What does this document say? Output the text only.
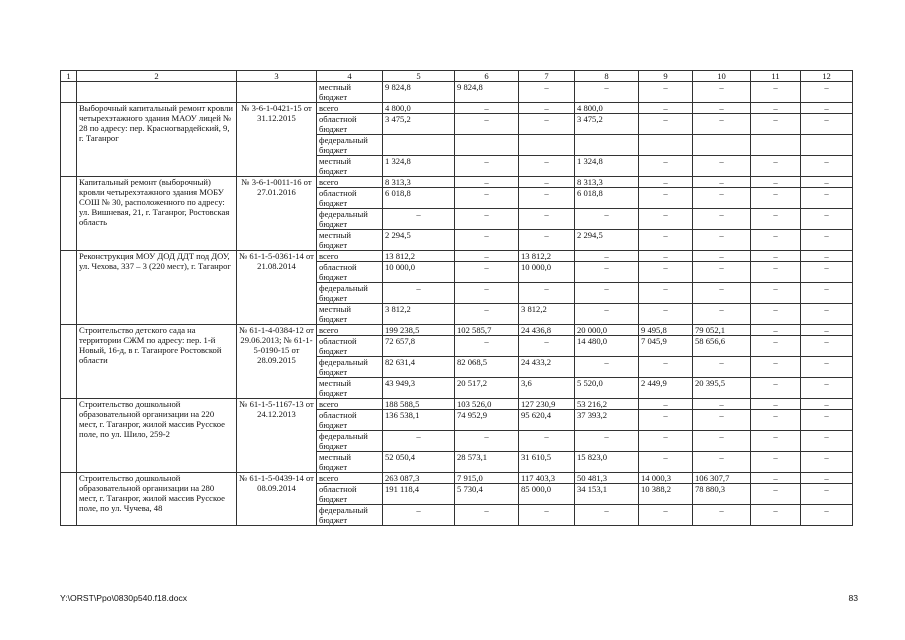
1	2	3	4	5	6	7	8	9	10	11	12
			местный бюджет	9 824,8	9 824,8	–	–	–	–	–	–
	Выборочный капитальный ремонт кровли четырехэтажного здания МАОУ лицей № 28 по адресу: пер. Красногвардейский, 9, г. Таганрог	№ 3-6-1-0421-15 от 31.12.2015	всего	4 800,0	–	–	4 800,0	–	–	–	–
			областной бюджет	3 475,2	–	–	3 475,2	–	–	–	–
			федеральный бюджет								
			местный бюджет	1 324,8	–	–	1 324,8	–	–	–	–
	Капитальный ремонт (выборочный) кровли четырехэтажного здания МОБУ СОШ № 30, расположенного по адресу: ул. Вишневая, 21, г. Таганрог, Ростовская область	№ 3-6-1-0011-16 от 27.01.2016	всего	8 313,3	–	–	8 313,3	–	–	–	–
			областной бюджет	6 018,8	–	–	6 018,8	–	–	–	–
			федеральный бюджет	–	–	–	–	–	–	–	–
			местный бюджет	2 294,5	–	–	2 294,5	–	–	–	–
	Реконструкция МОУ ДОД ДДТ под ДОУ, ул. Чехова, 337 – 3 (220 мест), г. Таганрог	№ 61-1-5-0361-14 от 21.08.2014	всего	13 812,2	–	13 812,2	–	–	–	–	–
			областной бюджет	10 000,0	–	10 000,0	–	–	–	–	–
			федеральный бюджет	–	–	–	–	–	–	–	–
			местный бюджет	3 812,2	–	3 812,2	–	–	–	–	–
	Строительство детского сада на территории СЖМ по адресу: пер. 1-й Новый, 16-д, в г. Таганроге Ростовской области	№ 61-1-4-0384-12 от 29.06.2013; № 61-1-5-0190-15 от 28.09.2015	всего	199 238,5	102 585,7	24 436,8	20 000,0	9 495,8	79 052,1	–	–
			областной бюджет	72 657,8	–	–	14 480,0	7 045,9	58 656,6	–	–
			федеральный бюджет	82 631,4	82 068,5	24 433,2	–	–	–	–	–
			местный бюджет	43 949,3	20 517,2	3,6	5 520,0	2 449,9	20 395,5	–	–
	Строительство дошкольной образовательной организации на 220 мест, г. Таганрог, жилой массив Русское поле, по ул. Шило, 259-2	№ 61-1-5-1167-13 от 24.12.2013	всего	188 588,5	103 526,0	127 230,9	53 216,2	–	–	–	–
			областной бюджет	136 538,1	74 952,9	95 620,4	37 393,2	–	–	–	–
			федеральный бюджет	–	–	–	–	–	–	–	–
			местный бюджет	52 050,4	28 573,1	31 610,5	15 823,0	–	–	–	–
	Строительство дошкольной образовательной организации на 280 мест, г. Таганрог, жилой массив Русское поле, по ул. Чучева, 48	№ 61-1-5-0439-14 от 08.09.2014	всего	263 087,3	7 915,0	117 403,3	50 481,3	14 000,3	106 307,7	–	–
			областной бюджет	191 118,4	5 730,4	85 000,0	34 153,1	10 388,2	78 880,3	–	–
			федеральный бюджет	–	–	–	–	–	–	–	–
Y:\ORST\Ppo\0830p540.f18.docx	83
